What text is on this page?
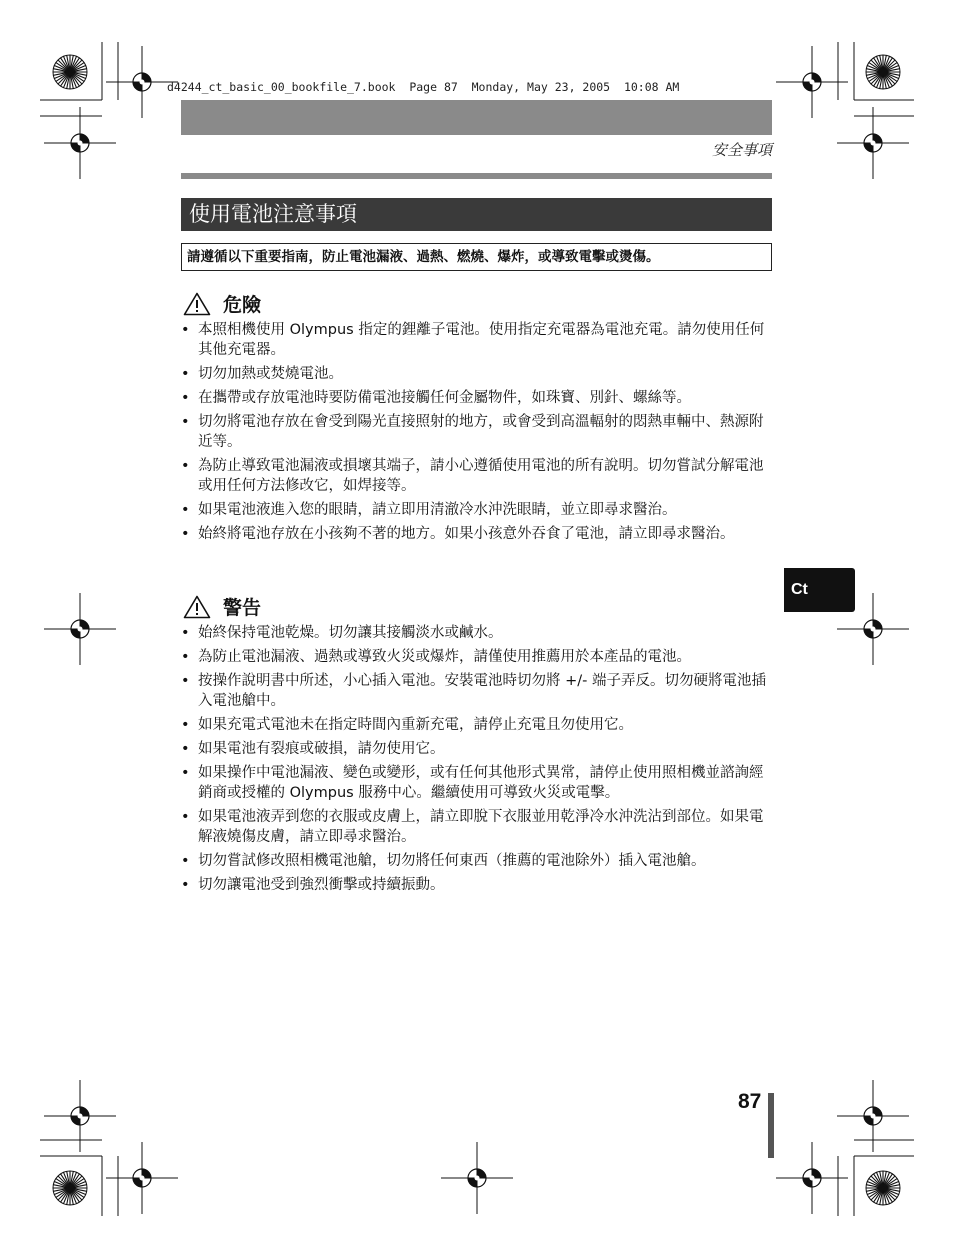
d4244_ct_basic_00_bookfile_7.book  Page 87  Monday, May 23, 2005  10:08 AM
安全事項
使用電池注意事項
請遵循以下重要指南，防止電池漏液、過熱、燃燒、爆炸，或導致電擊或燙傷。
危險
• 本照相機使用 Olympus 指定的鋰離子電池。使用指定充電器為電池充電。請勿使用任何其他充電器。
• 切勿加熱或焚燒電池。
• 在攜帶或存放電池時要防備電池接觸任何金屬物件，如珠寶、別針、螺絲等。
• 切勿將電池存放在會受到陽光直接照射的地方，或會受到高溫輻射的悶熱車輛中、熱源附近等。
• 為防止導致電池漏液或損壞其端子，請小心遵循使用電池的所有說明。切勿嘗試分解電池或用任何方法修改它，如焊接等。
• 如果電池液進入您的眼睛，請立即用清澈冷水沖洗眼睛，並立即尋求醫治。
• 始終將電池存放在小孩夠不著的地方。如果小孩意外吞食了電池，請立即尋求醫治。
警告
• 始終保持電池乾燥。切勿讓其接觸淡水或鹹水。
• 為防止電池漏液、過熱或導致火災或爆炸，請僅使用推薦用於本產品的電池。
• 按操作說明書中所述，小心插入電池。安裝電池時切勿將 +/- 端子弄反。切勿硬將電池插入電池艙中。
• 如果充電式電池未在指定時間內重新充電，請停止充電且勿使用它。
• 如果電池有裂痕或破損，請勿使用它。
• 如果操作中電池漏液、變色或變形，或有任何其他形式異常，請停止使用照相機並諮詢經銷商或授權的 Olympus 服務中心。繼續使用可導致火災或電擊。
• 如果電池液弄到您的衣服或皮膚上，請立即脫下衣服並用乾淨冷水沖洗沾到部位。如果電解液燒傷皮膚，請立即尋求醫治。
• 切勿嘗試修改照相機電池艙，切勿將任何東西（推薦的電池除外）插入電池艙。
• 切勿讓電池受到強烈衝擊或持續振動。
Ct
87
